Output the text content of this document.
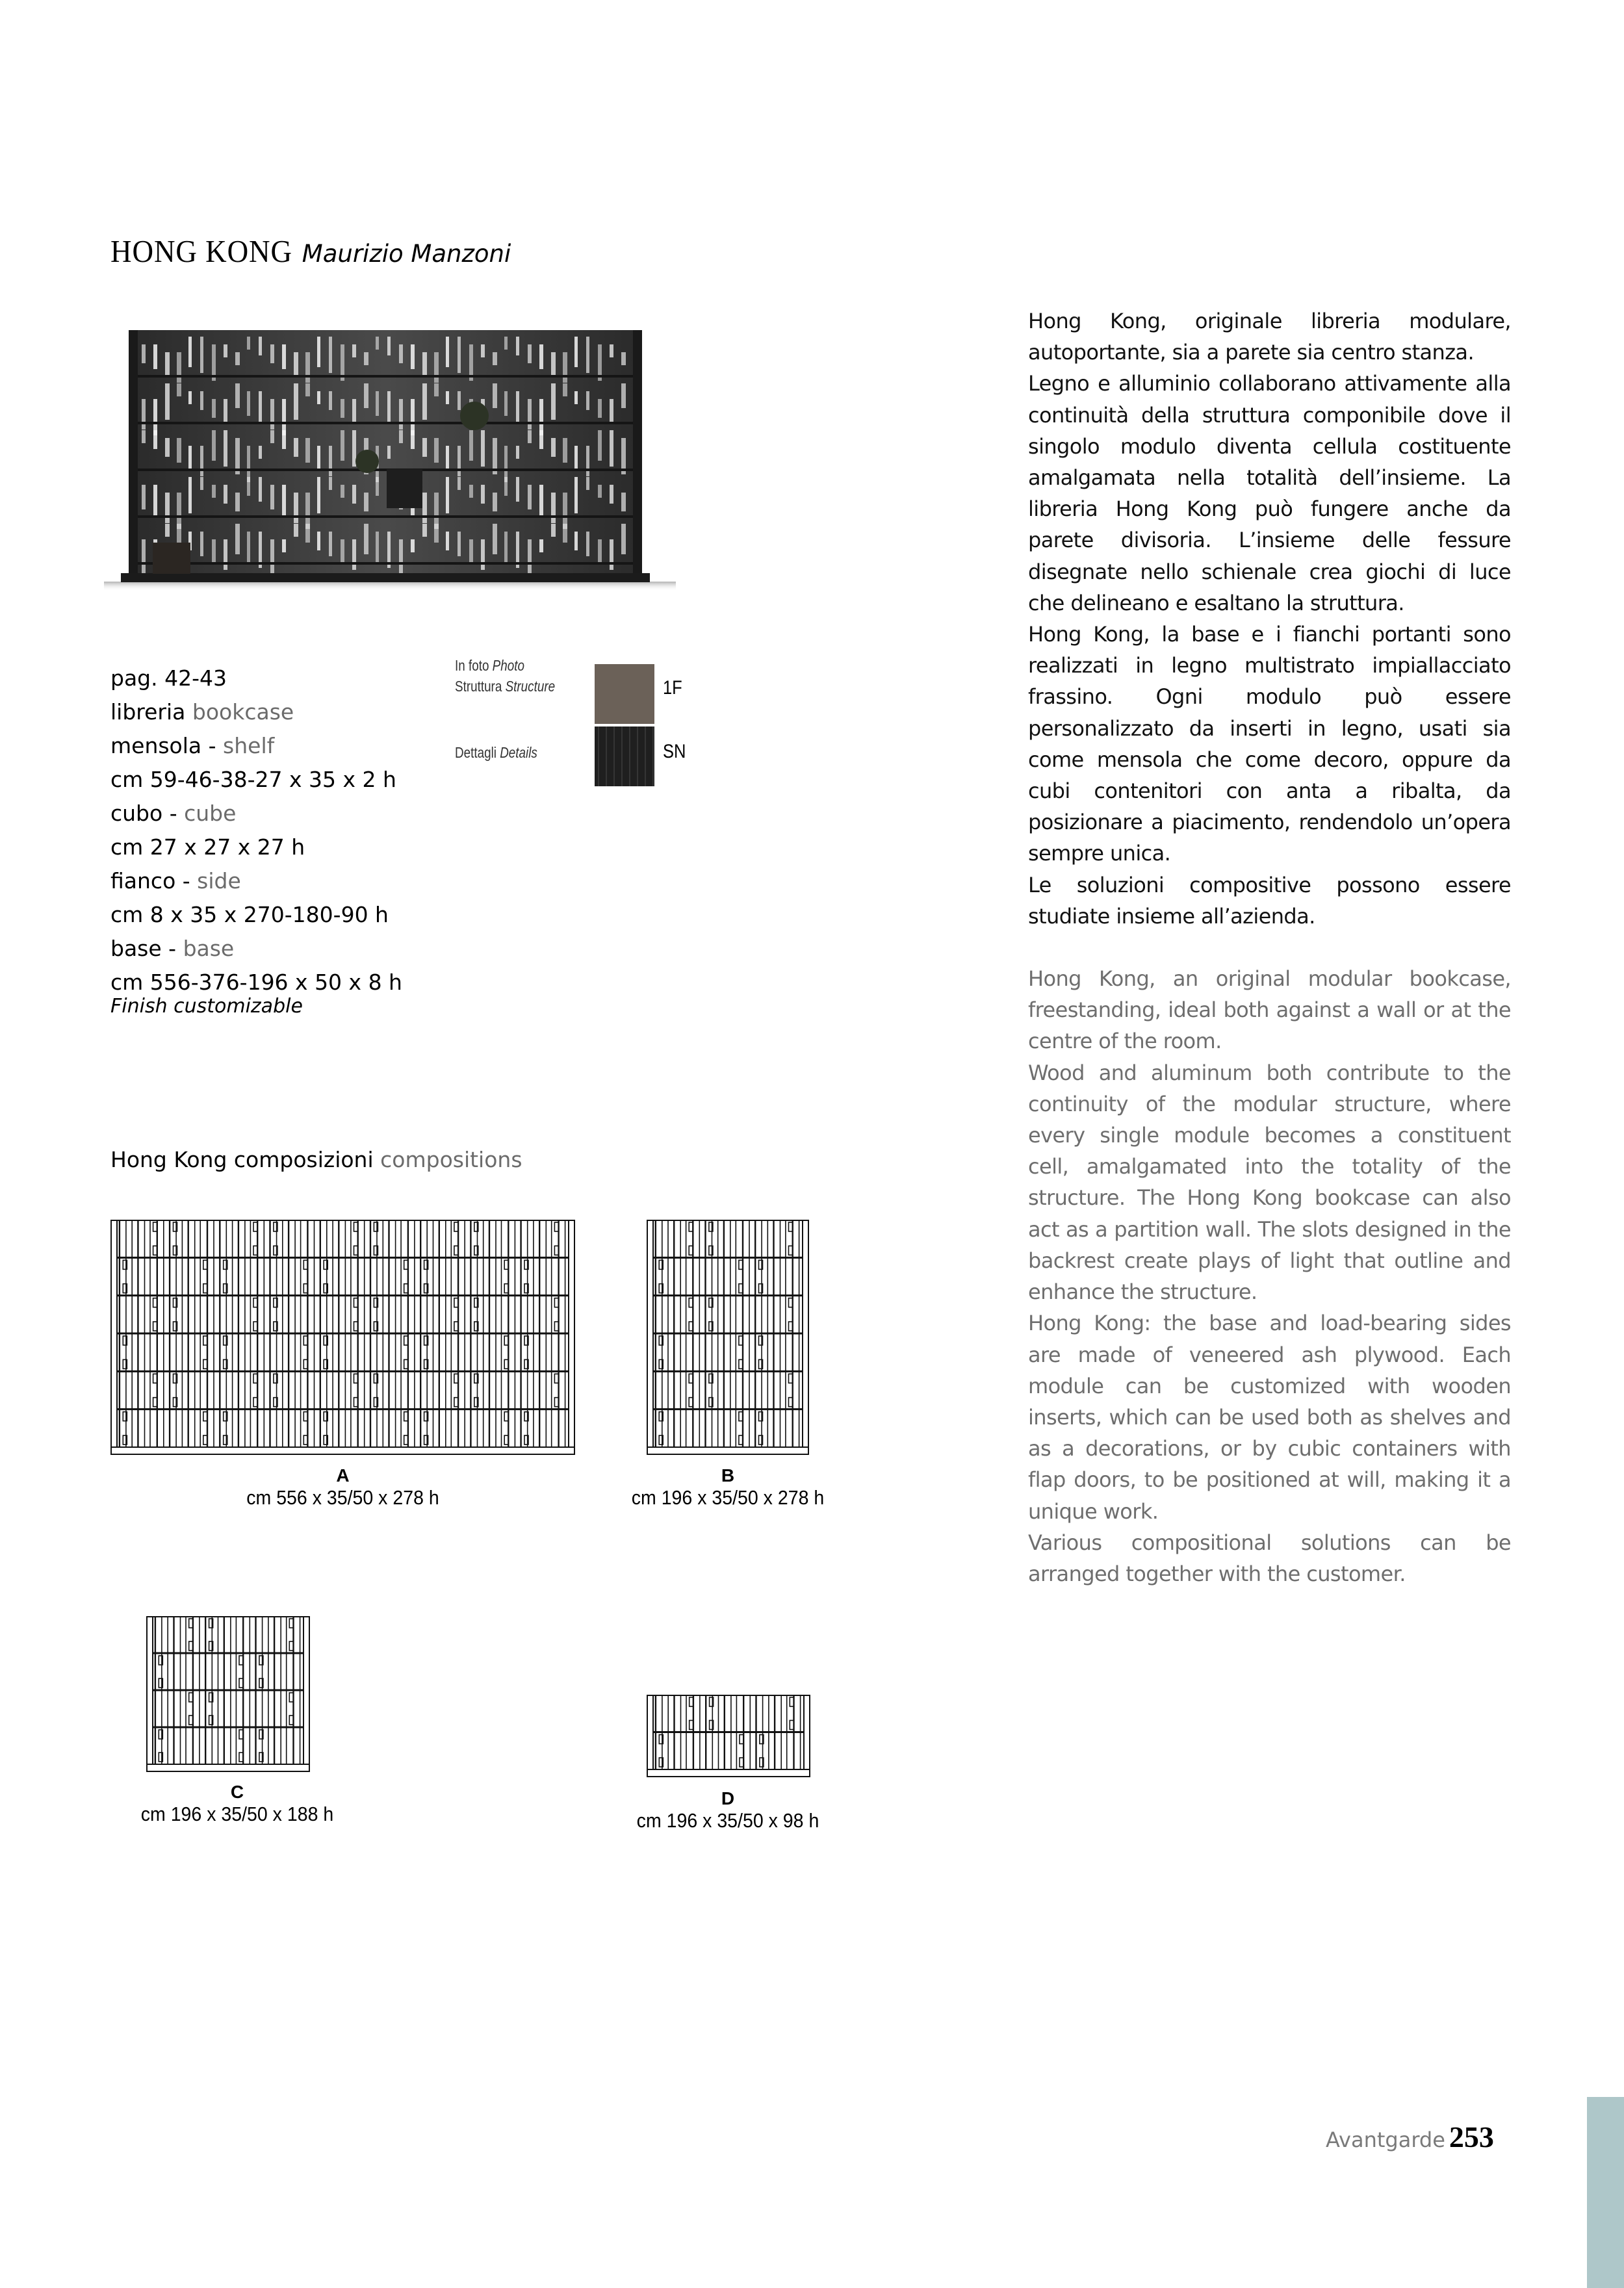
HONG KONG Maurizio Manzoni
pag. 42-43
libreria bookcase
mensola - shelf
cm 59-46-38-27 x 35 x 2 h
cubo - cube
cm 27 x 27 x 27 h
fianco - side
cm 8 x 35 x 270-180-90 h
base - base
cm 556-376-196 x 50 x 8 h
Finish customizable
In foto Photo
Struttura Structure	1F
Dettagli Details	SN

Hong Kong, originale libreria modulare, autoportante, sia a parete sia centro stanza.

Legno e alluminio collaborano attivamente alla continuità della struttura componibile dove il singolo modulo diventa cellula costituente amalgamata nella totalità dell’insieme. La libreria Hong Kong può fungere anche da parete divisoria. L’insieme delle fessure disegnate nello schienale crea giochi di luce che delineano e esaltano la struttura.

Hong Kong, la base e i fianchi portanti sono realizzati in legno multistrato impiallacciato frassino. Ogni modulo può essere personalizzato da inserti in legno, usati sia come mensola che come decoro, oppure da cubi contenitori con anta a ribalta, da posizionare a piacimento, rendendolo un’opera sempre unica.

Le soluzioni compositive possono essere studiate insieme all’azienda.

Hong Kong, an original modular bookcase, freestanding, ideal both against a wall or at the centre of the room.

Wood and aluminum both contribute to the continuity of the modular structure, where every single module becomes a constituent cell, amalgamated into the totality of the structure. The Hong Kong bookcase can also act as a partition wall. The slots designed in the backrest create plays of light that outline and enhance the structure.

Hong Kong: the base and load-bearing sides are made of veneered ash plywood. Each module can be customized with wooden inserts, which can be used both as shelves and as a decorations, or by cubic containers with flap doors, to be positioned at will, making it a unique work.

Various compositional solutions can be arranged together with the customer.

Hong Kong composizioni compositions
A
cm 556 x 35/50 x 278 h
B
cm 196 x 35/50 x 278 h
C
cm 196 x 35/50 x 188 h
D
cm 196 x 35/50 x 98 h
Avantgarde 253
